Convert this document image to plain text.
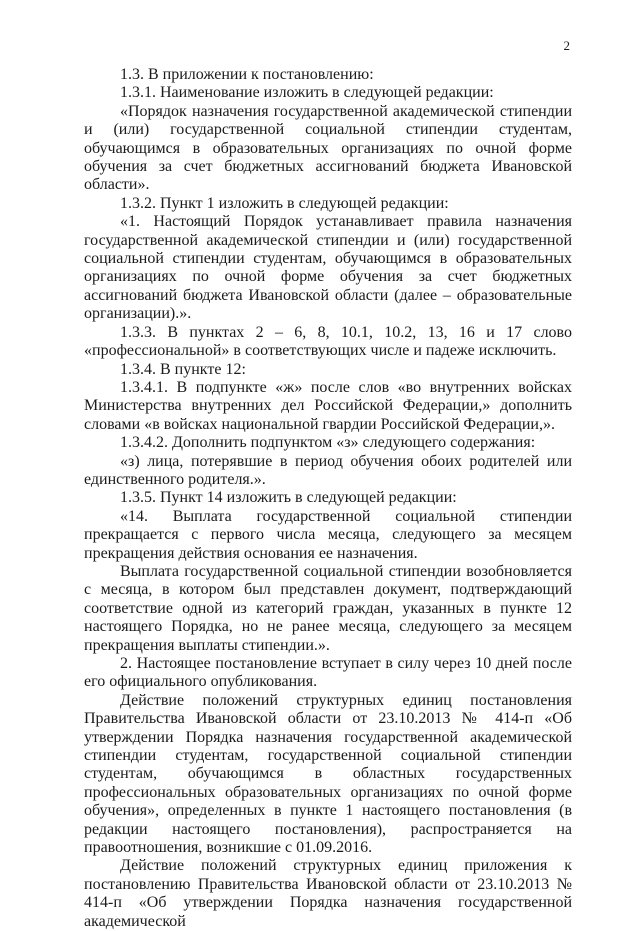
2

1.3. В приложении к постановлению:

1.3.1. Наименование изложить в следующей редакции:

«Порядок назначения государственной академической стипендии и (или) государственной социальной стипендии студентам, обучающимся в образовательных организациях по очной форме обучения за счет бюджетных ассигнований бюджета Ивановской области».

1.3.2. Пункт 1 изложить в следующей редакции:

«1. Настоящий Порядок устанавливает правила назначения государственной академической стипендии и (или) государственной социальной стипендии студентам, обучающимся в образовательных организациях по очной форме обучения за счет бюджетных ассигнований бюджета Ивановской области (далее – образовательные организации).».

1.3.3. В пунктах 2 – 6, 8, 10.1, 10.2, 13, 16 и 17 слово «профессиональной» в соответствующих числе и падеже исключить.

1.3.4. В пункте 12:

1.3.4.1. В подпункте «ж» после слов «во внутренних войсках Министерства внутренних дел Российской Федерации,» дополнить словами «в войсках национальной гвардии Российской Федерации,».

1.3.4.2. Дополнить подпунктом «з» следующего содержания:

«з) лица, потерявшие в период обучения обоих родителей или единственного родителя.».

1.3.5. Пункт 14 изложить в следующей редакции:

«14. Выплата государственной социальной стипендии прекращается с первого числа месяца, следующего за месяцем прекращения действия основания ее назначения.

Выплата государственной социальной стипендии возобновляется с месяца, в котором был представлен документ, подтверждающий соответствие одной из категорий граждан, указанных в пункте 12 настоящего Порядка, но не ранее месяца, следующего за месяцем прекращения выплаты стипендии.».

2. Настоящее постановление вступает в силу через 10 дней после его официального опубликования.

Действие положений структурных единиц постановления Правительства Ивановской области от 23.10.2013 № 414-п «Об утверждении Порядка назначения государственной академической стипендии студентам, государственной социальной стипендии студентам, обучающимся в областных государственных профессиональных образовательных организациях по очной форме обучения», определенных в пункте 1 настоящего постановления (в редакции настоящего постановления), распространяется на правоотношения, возникшие с 01.09.2016.

Действие положений структурных единиц приложения к постановлению Правительства Ивановской области от 23.10.2013 № 414-п «Об утверждении Порядка назначения государственной академической
